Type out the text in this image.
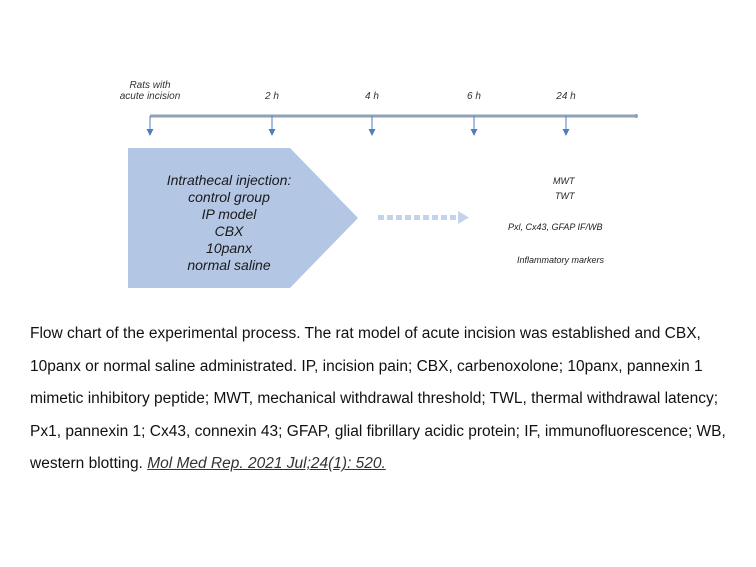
Rats with
acute incision	2 h	4 h	6 h	24 h
Intrathecal injection:
control group
IP model
CBX
10panx
normal saline
MWT
TWT
Pxl, Cx43, GFAP IF/WB
Inflammatory markers
Flow chart of the experimental process. The rat model of acute incision was established and CBX, 10panx or normal saline administrated. IP, incision pain; CBX, carbenoxolone; 10panx, pannexin 1 mimetic inhibitory peptide; MWT, mechanical withdrawal threshold; TWL, thermal withdrawal latency; Px1, pannexin 1; Cx43, connexin 43; GFAP, glial fibrillary acidic protein; IF, immunofluorescence; WB, western blotting. Mol Med Rep. 2021 Jul;24(1): 520.
